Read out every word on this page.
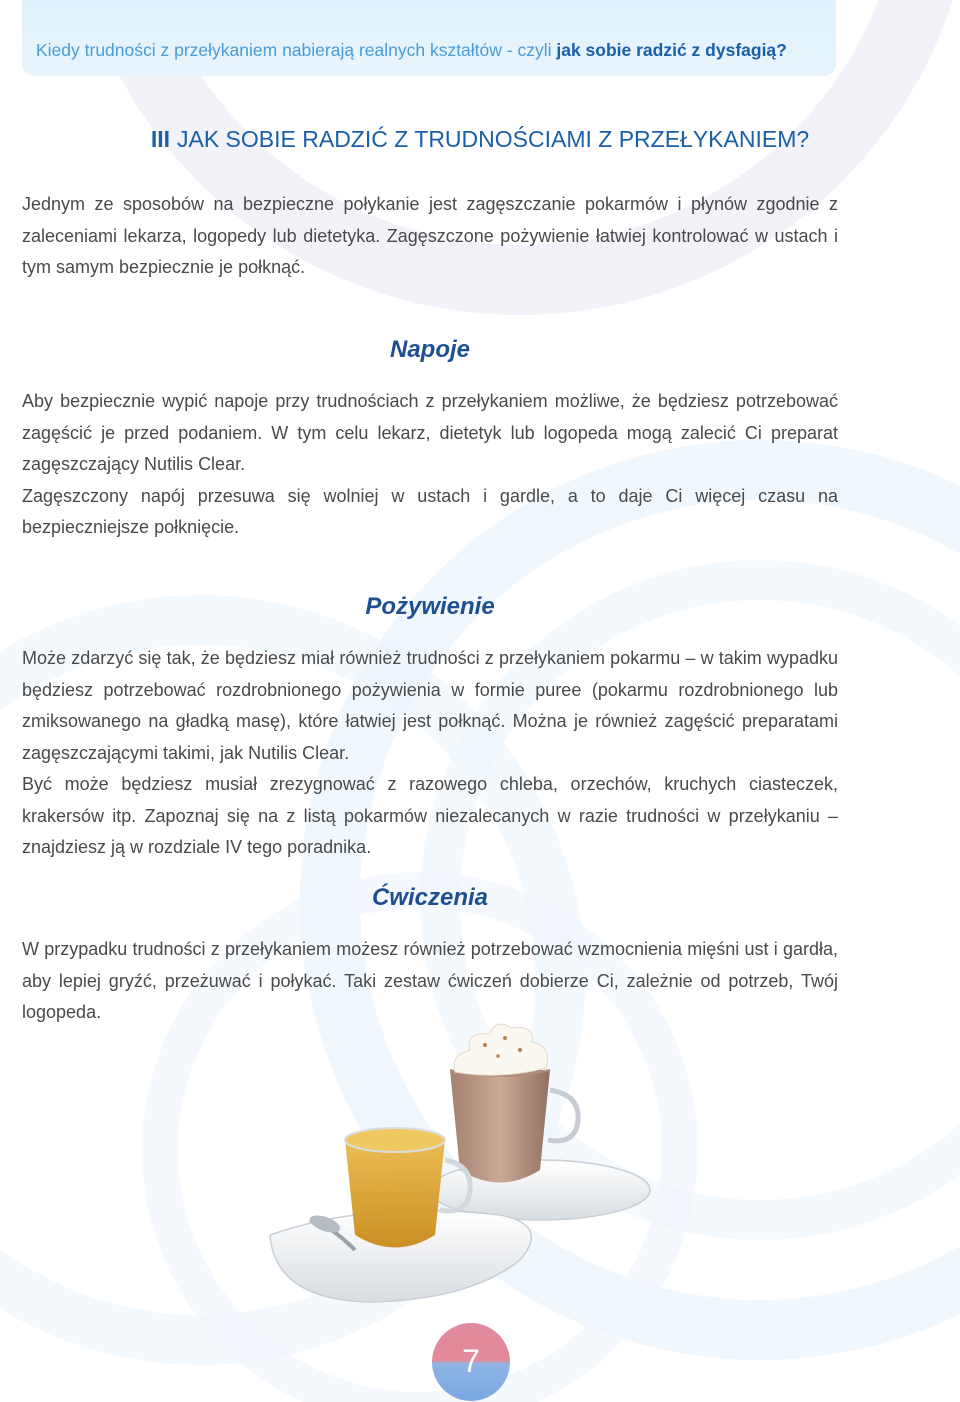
Kiedy trudności z przełykaniem nabierają realnych kształtów - czyli jak sobie radzić z dysfagią?
III JAK SOBIE RADZIĆ Z TRUDNOŚCIAMI Z PRZEŁYKANIEM?

Jednym ze sposobów na bezpieczne połykanie jest zagęszczanie pokarmów i płynów zgodnie z zaleceniami lekarza, logopedy lub dietetyka. Zagęszczone pożywienie łatwiej kontrolować w ustach i tym samym bezpiecznie je połknąć.

Napoje

Aby bezpiecznie wypić napoje przy trudnościach z przełykaniem możliwe, że będziesz potrzebować zagęścić je przed podaniem. W tym celu lekarz, dietetyk lub logopeda mogą zalecić Ci preparat zagęszczający Nutilis Clear.

Zagęszczony napój przesuwa się wolniej w ustach i gardle, a to daje Ci więcej czasu na bezpieczniejsze połknięcie.

Pożywienie

Może zdarzyć się tak, że będziesz miał również trudności z przełykaniem pokarmu – w takim wypadku będziesz potrzebować rozdrobnionego pożywienia w formie puree (pokarmu rozdrobnionego lub zmiksowanego na gładką masę), które łatwiej jest połknąć. Można je również zagęścić preparatami zagęszczającymi takimi, jak Nutilis Clear.

Być może będziesz musiał zrezygnować z razowego chleba, orzechów, kruchych ciasteczek, krakersów itp. Zapoznaj się na z listą pokarmów niezalecanych w razie trudności w przełykaniu – znajdziesz ją w rozdziale IV tego poradnika.

Ćwiczenia

W przypadku trudności z przełykaniem możesz również potrzebować wzmocnienia mięśni ust i gardła, aby lepiej gryźć, przeżuwać i połykać. Taki zestaw ćwiczeń dobierze Ci, zależnie od potrzeb, Twój logopeda.

7
